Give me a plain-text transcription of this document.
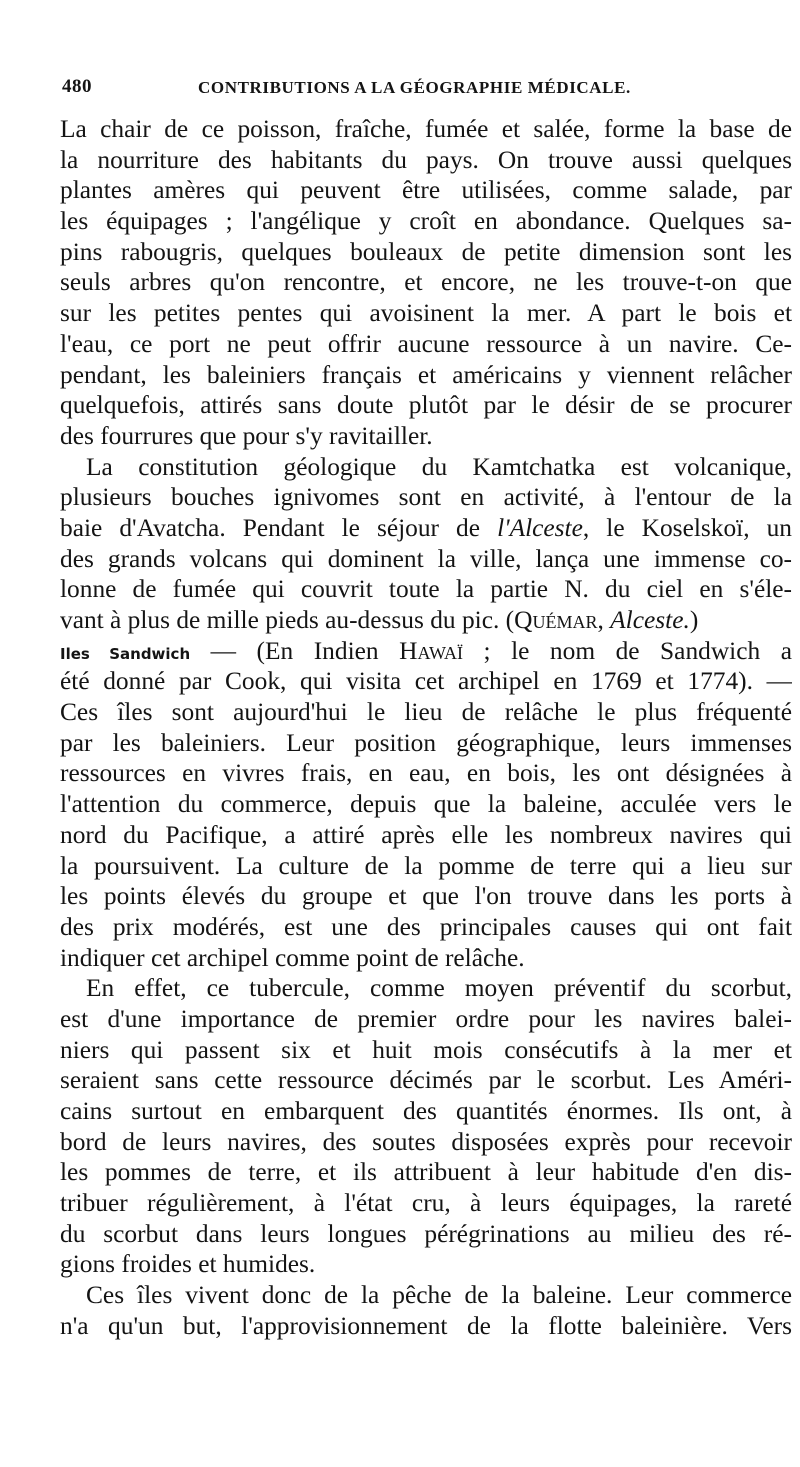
480	CONTRIBUTIONS A LA GÉOGRAPHIE MÉDICALE.
La chair de ce poisson, fraîche, fumée et salée, forme la base de
la nourriture des habitants du pays. On trouve aussi quelques
plantes amères qui peuvent être utilisées, comme salade, par
les équipages ; l'angélique y croît en abondance. Quelques sa-
pins rabougris, quelques bouleaux de petite dimension sont les
seuls arbres qu'on rencontre, et encore, ne les trouve-t-on que
sur les petites pentes qui avoisinent la mer. A part le bois et
l'eau, ce port ne peut offrir aucune ressource à un navire. Ce-
pendant, les baleiniers français et américains y viennent relâcher
quelquefois, attirés sans doute plutôt par le désir de se procurer
des fourrures que pour s'y ravitailler.
La constitution géologique du Kamtchatka est volcanique,
plusieurs bouches ignivomes sont en activité, à l'entour de la
baie d'Avatcha. Pendant le séjour de l'Alceste, le Koselskoï, un
des grands volcans qui dominent la ville, lança une immense co-
lonne de fumée qui couvrit toute la partie N. du ciel en s'éle-
vant à plus de mille pieds au-dessus du pic. (Quémar, Alceste.)
Iles Sandwich — (En Indien Hawaï ; le nom de Sandwich a
été donné par Cook, qui visita cet archipel en 1769 et 1774). —
Ces îles sont aujourd'hui le lieu de relâche le plus fréquenté
par les baleiniers. Leur position géographique, leurs immenses
ressources en vivres frais, en eau, en bois, les ont désignées à
l'attention du commerce, depuis que la baleine, acculée vers le
nord du Pacifique, a attiré après elle les nombreux navires qui
la poursuivent. La culture de la pomme de terre qui a lieu sur
les points élevés du groupe et que l'on trouve dans les ports à
des prix modérés, est une des principales causes qui ont fait
indiquer cet archipel comme point de relâche.
En effet, ce tubercule, comme moyen préventif du scorbut,
est d'une importance de premier ordre pour les navires balei-
niers qui passent six et huit mois consécutifs à la mer et
seraient sans cette ressource décimés par le scorbut. Les Améri-
cains surtout en embarquent des quantités énormes. Ils ont, à
bord de leurs navires, des soutes disposées exprès pour recevoir
les pommes de terre, et ils attribuent à leur habitude d'en dis-
tribuer régulièrement, à l'état cru, à leurs équipages, la rareté
du scorbut dans leurs longues pérégrinations au milieu des ré-
gions froides et humides.
Ces îles vivent donc de la pêche de la baleine. Leur commerce
n'a qu'un but, l'approvisionnement de la flotte baleinière. Vers
